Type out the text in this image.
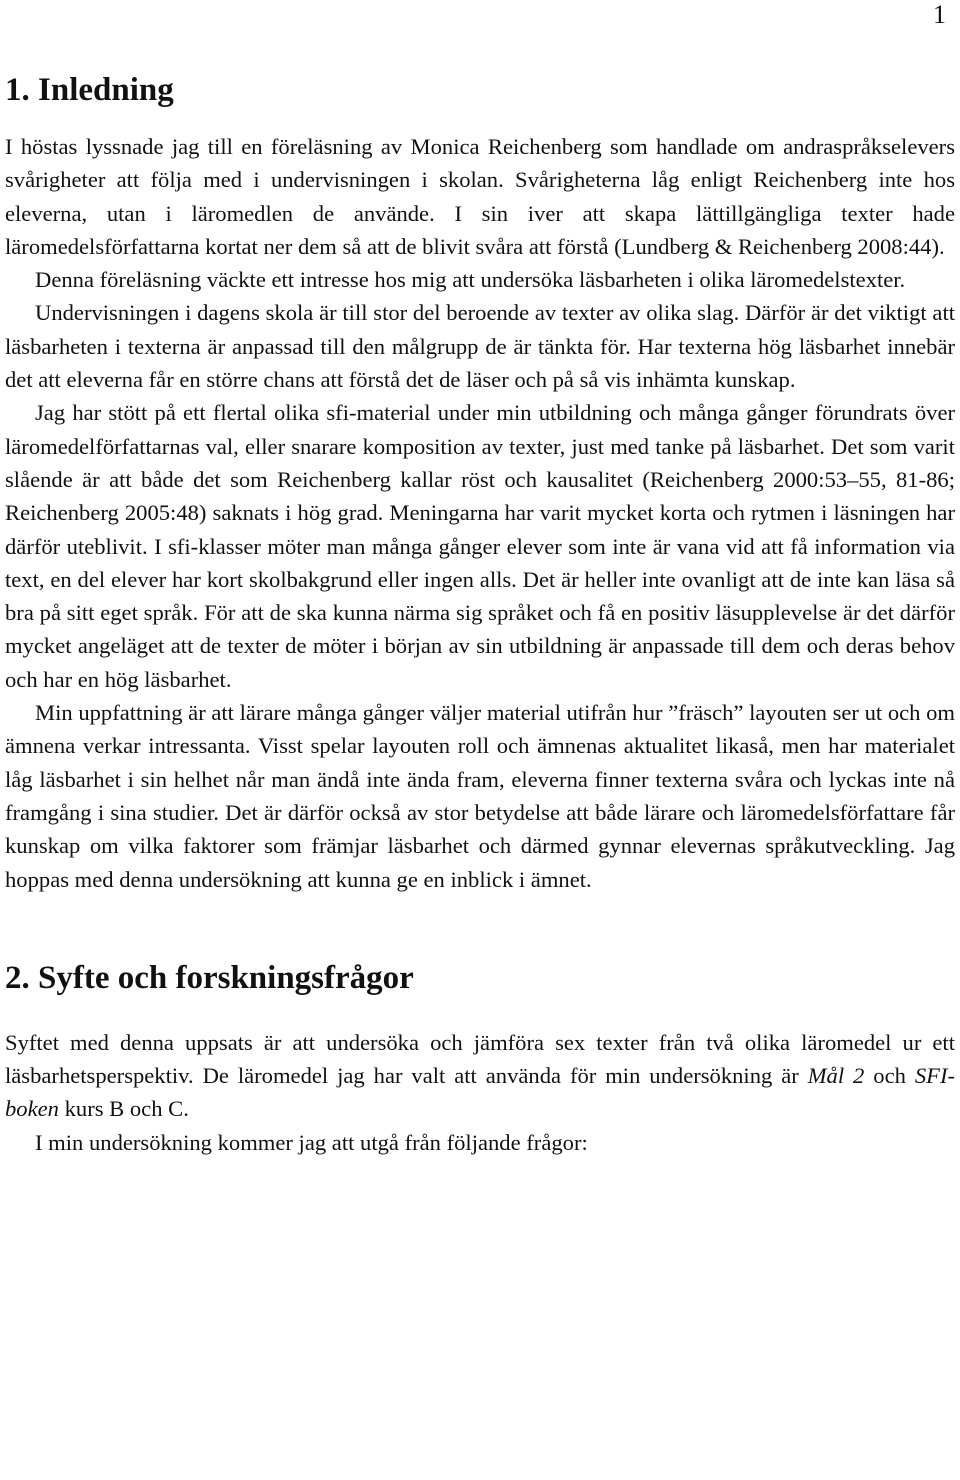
1
1. Inledning

I höstas lyssnade jag till en föreläsning av Monica Reichenberg som handlade om andraspråkselevers svårigheter att följa med i undervisningen i skolan. Svårigheterna låg enligt Reichenberg inte hos eleverna, utan i läromedlen de använde. I sin iver att skapa lättillgängliga texter hade läromedelsförfattarna kortat ner dem så att de blivit svåra att förstå (Lundberg & Reichenberg 2008:44).

Denna föreläsning väckte ett intresse hos mig att undersöka läsbarheten i olika läromedelstexter.

Undervisningen i dagens skola är till stor del beroende av texter av olika slag. Därför är det viktigt att läsbarheten i texterna är anpassad till den målgrupp de är tänkta för. Har texterna hög läsbarhet innebär det att eleverna får en större chans att förstå det de läser och på så vis inhämta kunskap.

Jag har stött på ett flertal olika sfi-material under min utbildning och många gånger förundrats över läromedelförfattarnas val, eller snarare komposition av texter, just med tanke på läsbarhet. Det som varit slående är att både det som Reichenberg kallar röst och kausalitet (Reichenberg 2000:53–55, 81-86; Reichenberg 2005:48) saknats i hög grad. Meningarna har varit mycket korta och rytmen i läsningen har därför uteblivit. I sfi-klasser möter man många gånger elever som inte är vana vid att få information via text, en del elever har kort skolbakgrund eller ingen alls. Det är heller inte ovanligt att de inte kan läsa så bra på sitt eget språk. För att de ska kunna närma sig språket och få en positiv läsupplevelse är det därför mycket angeläget att de texter de möter i början av sin utbildning är anpassade till dem och deras behov och har en hög läsbarhet.

Min uppfattning är att lärare många gånger väljer material utifrån hur ”fräsch” layouten ser ut och om ämnena verkar intressanta. Visst spelar layouten roll och ämnenas aktualitet likaså, men har materialet låg läsbarhet i sin helhet når man ändå inte ända fram, eleverna finner texterna svåra och lyckas inte nå framgång i sina studier. Det är därför också av stor betydelse att både lärare och läromedelsförfattare får kunskap om vilka faktorer som främjar läsbarhet och därmed gynnar elevernas språkutveckling. Jag hoppas med denna undersökning att kunna ge en inblick i ämnet.

2. Syfte och forskningsfrågor

Syftet med denna uppsats är att undersöka och jämföra sex texter från två olika läromedel ur ett läsbarhetsperspektiv. De läromedel jag har valt att använda för min undersökning är Mål 2 och SFI-boken kurs B och C.

I min undersökning kommer jag att utgå från följande frågor:
